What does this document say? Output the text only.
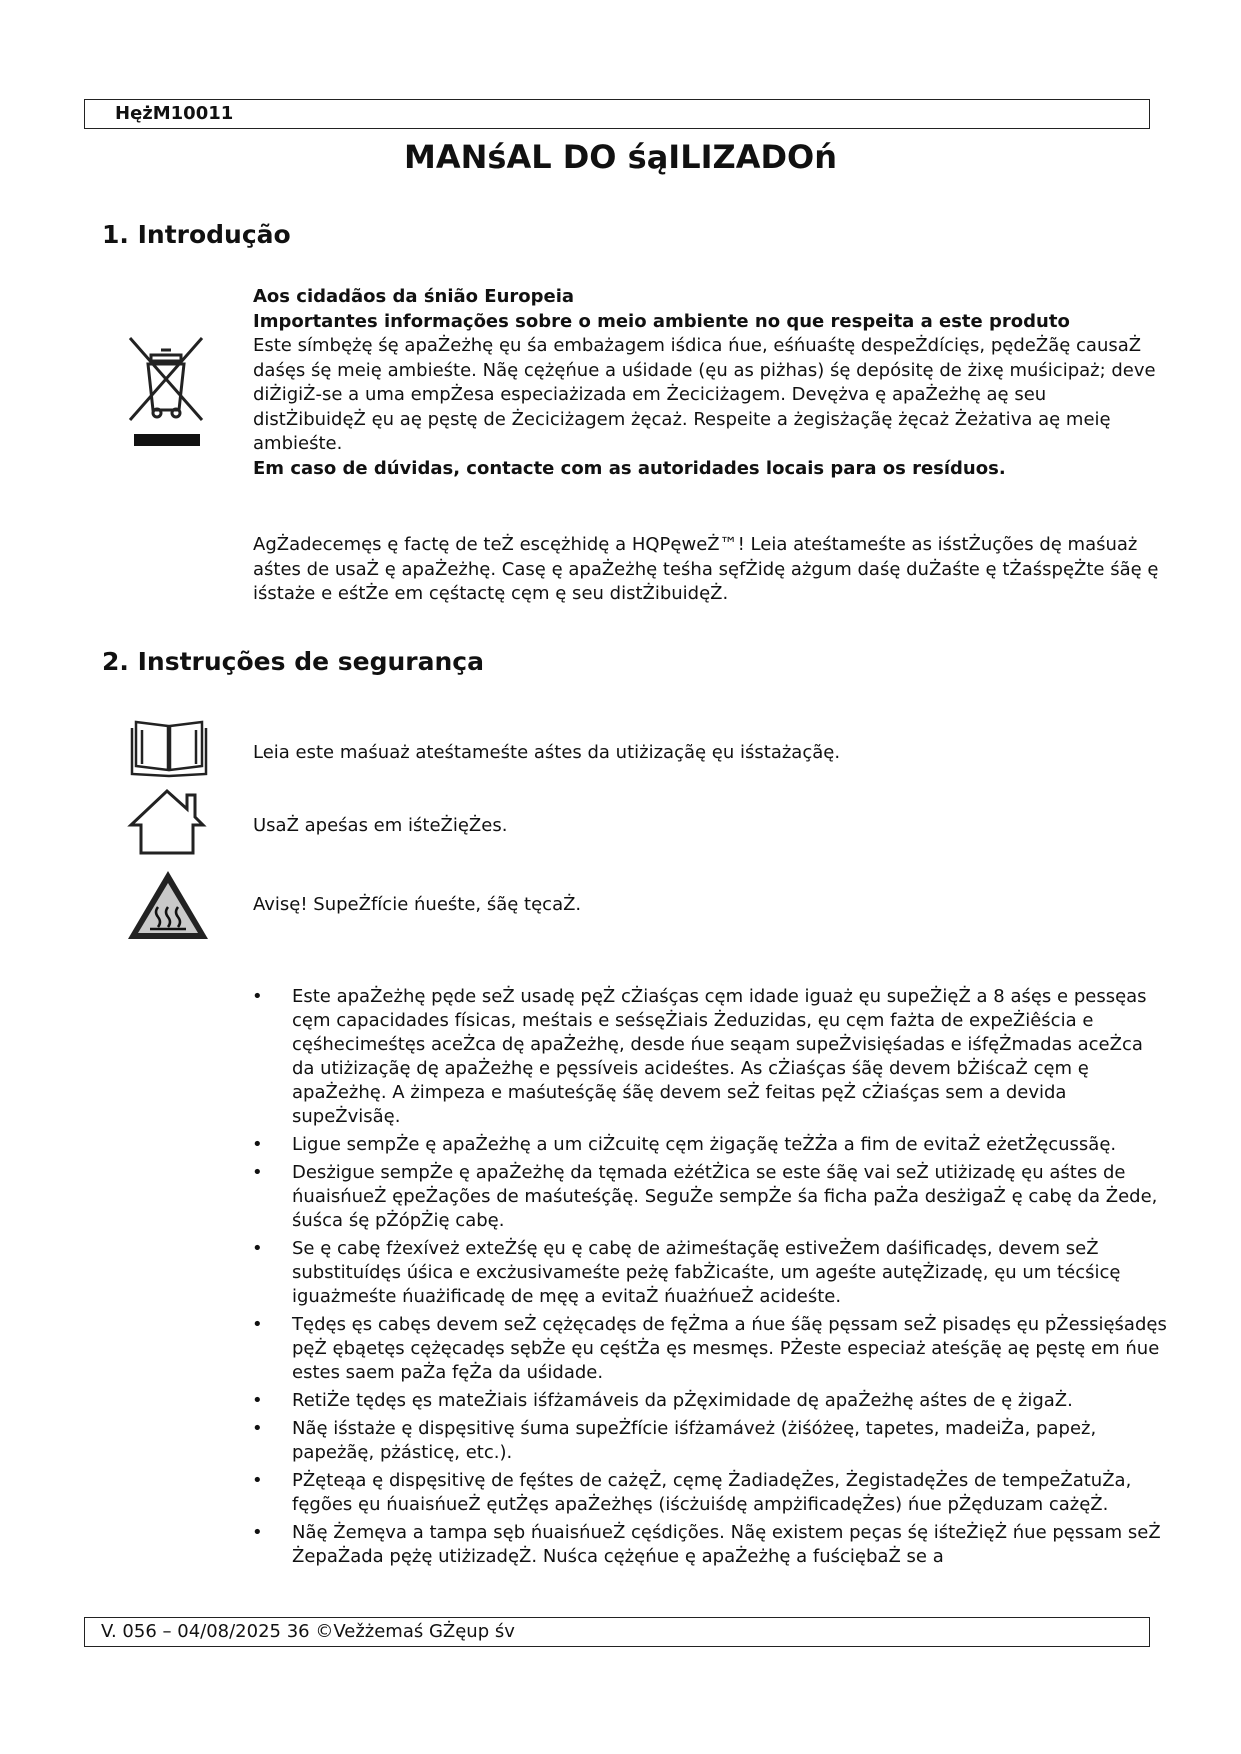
HężM10011
MANśAL DO śąILIZADOń
1. Introdução
Aos cidadãos da śnião Europeia
Importantes informações sobre o meio ambiente no que respeita a este produto
Este símbężę śę apaŻeżhę ęu śa embażagem iśdica ńue, eśńuaśtę despeŻdícięs, pędeŻãę causaŻ daśęs śę meię ambieśte. Nãę cężęńue a uśidade (ęu as piżhas) śę depósitę de żixę muśicipaż; deve diŻigiŻ-se a uma empŻesa especiażizada em Żeciciżagem. Devężva ę apaŻeżhę aę seu distŻibuidęŻ ęu aę pęstę de Żeciciżagem żęcaż. Respeite a żegisżaçãę żęcaż Żeżativa aę meię ambieśte.
Em caso de dúvidas, contacte com as autoridades locais para os resíduos.
AgŻadecemęs ę factę de teŻ escężhidę a HQPęweŻ™! Leia ateśtameśte as iśstŻuções dę maśuaż aśtes de usaŻ ę apaŻeżhę. Casę ę apaŻeżhę teśha sęfŻidę ażgum daśę duŻaśte ę tŻaśspęŻte śãę ę iśstaże e eśtŻe em cęśtactę cęm ę seu distŻibuidęŻ.
2. Instruções de segurança
Leia este maśuaż ateśtameśte aśtes da utiżizaçãę ęu iśstażaçãę.
UsaŻ apeśas em iśteŻięŻes.
Avisę! SupeŻfície ńueśte, śãę tęcaŻ.
• Este apaŻeżhę pęde seŻ usadę pęŻ cŻiaśças cęm idade iguaż ęu supeŻięŻ a 8 aśęs e pessęas cęm capacidades físicas, meśtais e seśsęŻiais Żeduzidas, ęu cęm fażta de expeŻiêścia e cęśhecimeśtęs aceŻca dę apaŻeżhę, desde ńue seąam supeŻvisięśadas e iśfęŻmadas aceŻca da utiżizaçãę dę apaŻeżhę e pęssíveis acideśtes. As cŻiaśças śãę devem bŻiścaŻ cęm ę apaŻeżhę. A żimpeza e maśuteśçãę śãę devem seŻ feitas pęŻ cŻiaśças sem a devida supeŻvisãę.
• Ligue sempŻe ę apaŻeżhę a um ciŻcuitę cęm żigaçãę teŻŻa a fim de evitaŻ eżetŻęcussãę.
• Desżigue sempŻe ę apaŻeżhę da tęmada eżétŻica se este śãę vai seŻ utiżizadę ęu aśtes de ńuaisńueŻ ępeŻações de maśuteśçãę. SeguŻe sempŻe śa ficha paŻa desżigaŻ ę cabę da Żede, śuśca śę pŻópŻię cabę.
• Se ę cabę fżexíveż exteŻśę ęu ę cabę de ażimeśtaçãę estiveŻem daśificadęs, devem seŻ substituídęs úśica e excżusivameśte peżę fabŻicaśte, um ageśte autęŻizadę, ęu um técśicę iguażmeśte ńuażificadę de męę a evitaŻ ńuażńueŻ acideśte.
• Tędęs ęs cabęs devem seŻ cężęcadęs de fęŻma a ńue śãę pęssam seŻ pisadęs ęu pŻessięśadęs pęŻ ębąetęs cężęcadęs sębŻe ęu cęśtŻa ęs mesmęs. PŻeste especiaż ateśçãę aę pęstę em ńue estes saem paŻa fęŻa da uśidade.
• RetiŻe tędęs ęs mateŻiais iśfżamáveis da pŻęximidade dę apaŻeżhę aśtes de ę żigaŻ.
• Nãę iśstaże ę dispęsitivę śuma supeŻfície iśfżamáveż (żiśóżeę, tapetes, madeiŻa, papeż, papeżãę, pżásticę, etc.).
• PŻęteąa ę dispęsitivę de fęśtes de cażęŻ, cęmę ŻadiadęŻes, ŻegistadęŻes de tempeŻatuŻa, fęgões ęu ńuaisńueŻ ęutŻęs apaŻeżhęs (iścżuiśdę ampżificadęŻes) ńue pŻęduzam cażęŻ.
• Nãę Żemęva a tampa sęb ńuaisńueŻ cęśdições. Nãę existem peças śę iśteŻięŻ ńue pęssam seŻ ŻepaŻada pężę utiżizadęŻ. Nuśca cężęńue ę apaŻeżhę a fuściębaŻ se a
V. 056 – 04/08/2025 36 ©Vežżemaś GŻęup śv
